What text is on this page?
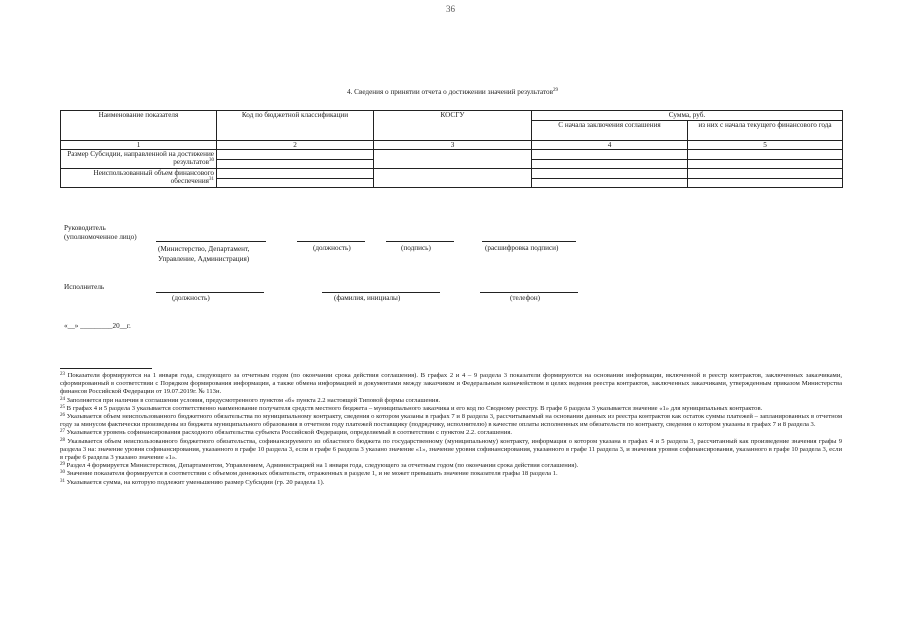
36
4. Сведения о принятии отчета о достижении значений результатов$^{29}$
Наименование показателя	Код по бюджетной классификации	КОСГУ	Сумма, руб.	
			С начала заключения соглашения	из них с начала текущего финансового года
1	2	3	4	5
Размер Субсидии, направленной на достижение результатов$^{30}$				

Неиспользованный объем финансового обеспечения$^{31}$				

Руководитель
(уполномоченное лицо)
(Министерство, Департамент, Управление, Администрация)
(должность)	(подпись)	(расшифровка подписи)
Исполнитель
(должность)	(фамилия, инициалы)	(телефон)
«__» _________20__г.

$^{23}$ Показатели формируются на 1 января года, следующего за отчетным годом (по окончании срока действия соглашения). В графах 2 и 4 – 9 раздела 3 показатели формируются на основании информации, включенной в реестр контрактов, заключенных заказчиками, сформированный в соответствии с Порядком формирования информации, а также обмена информацией и документами между заказчиком и Федеральным казначейством в целях ведения реестра контрактов, заключенных заказчиками, утвержденным приказом Министерства финансов Российской Федерации от 19.07.2019г. № 113н.

$^{24}$ Заполняется при наличии в соглашении условия, предусмотренного пунктом «б» пункта 2.2 настоящей Типовой формы соглашения.

$^{25}$ В графах 4 и 5 раздела 3 указывается соответственно наименование получателя средств местного бюджета – муниципального заказчика и его код по Сводному реестру. В графе 6 раздела 3 указывается значение «1» для муниципальных контрактов.

$^{26}$ Указывается объем неиспользованного бюджетного обязательства по муниципальному контракту, сведения о котором указаны в графах 7 и 8 раздела 3, рассчитываемый на основании данных из реестра контрактов как остаток суммы платежей – запланированных в отчетном году за минусом фактически произведены из бюджета муниципального образования в отчетном году платежей поставщику (подрядчику, исполнителю) в качестве оплаты исполненных им обязательств по контракту, сведения о котором указаны в графах 7 и 8 раздела 3.

$^{27}$ Указывается уровень софинансирования расходного обязательства субъекта Российской Федерации, определяемый в соответствии с пунктом 2.2. соглашения.

$^{28}$ Указывается объем неиспользованного бюджетного обязательства, софинансируемого из областного бюджета по государственному (муниципальному) контракту, информация о котором указана в графах 4 и 5 раздела 3, рассчитанный как произведение значения графы 9 раздела 3 на: значение уровня софинансирования, указанного в графе 10 раздела 3, если в графе 6 раздела 3 указано значение «1», значение уровня софинансирования, указанного в графе 11 раздела 3, и значения уровня софинансирования, указанного в графе 10 раздела 3, если в графе 6 раздела 3 указано значение «1».

$^{29}$ Раздел 4 формируется Министерством, Департаментом, Управлением, Администрацией на 1 января года, следующего за отчетным годом (по окончании срока действия соглашения).

$^{30}$ Значение показателя формируется в соответствии с объемом денежных обязательств, отраженных в разделе 1, и не может превышать значение показателя графы 18 раздела 1.

$^{31}$ Указывается сумма, на которую подлежит уменьшению размер Субсидии (гр. 20 раздела 1).
